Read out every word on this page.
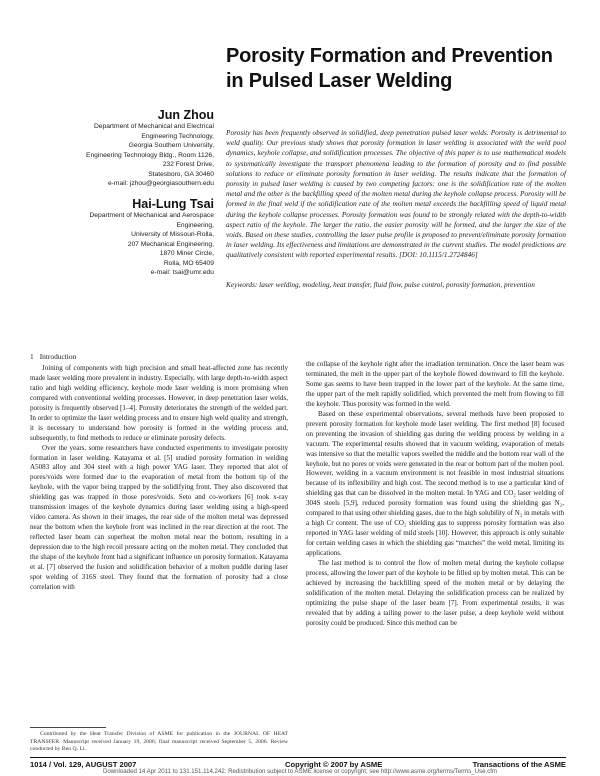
Porosity Formation and Prevention in Pulsed Laser Welding
Jun Zhou
Department of Mechanical and Electrical
Engineering Technology,
Georgia Southern University,
Engineering Technology Bldg., Room 1126,
232 Forest Drive,
Statesboro, GA 30460
e-mail: jzhou@georgiasouthern.edu
Hai-Lung Tsai
Department of Mechanical and Aerospace
Engineering,
University of Missouri-Rolla,
207 Mechanical Engineering,
1870 Miner Circle,
Rolla, MO 65409
e-mail: tsai@umr.edu
Porosity has been frequently observed in solidified, deep penetration pulsed laser welds. Porosity is detrimental to weld quality. Our previous study shows that porosity formation in laser welding is associated with the weld pool dynamics, keyhole collapse, and solidification processes. The objective of this paper is to use mathematical models to systematically investigate the transport phenomena leading to the formation of porosity and to find possible solutions to reduce or eliminate porosity formation in laser welding. The results indicate that the formation of porosity in pulsed laser welding is caused by two competing factors: one is the solidification rate of the molten metal and the other is the backfilling speed of the molten metal during the keyhole collapse process. Porosity will be formed in the final weld if the solidification rate of the molten metal exceeds the backfilling speed of liquid metal during the keyhole collapse processes. Porosity formation was found to be strongly related with the depth-to-width aspect ratio of the keyhole. The larger the ratio, the easier porosity will be formed, and the larger the size of the voids. Based on these studies, controlling the laser pulse profile is proposed to prevent/eliminate porosity formation in laser welding. Its effectiveness and limitations are demonstrated in the current studies. The model predictions are qualitatively consistent with reported experimental results. [DOI: 10.1115/1.2724846]
Keywords: laser welding, modeling, heat transfer, fluid flow, pulse control, porosity formation, prevention

1 Introduction

Joining of components with high precision and small heat-affected zone has recently made laser welding more prevalent in industry. Especially, with large depth-to-width aspect ratio and high welding efficiency, keyhole mode laser welding is more promising when compared with conventional welding processes. However, in deep penetration laser welds, porosity is frequently observed [1–4]. Porosity deteriorates the strength of the welded part. In order to optimize the laser welding process and to ensure high weld quality and strength, it is necessary to understand how porosity is formed in the welding process and, subsequently, to find methods to reduce or eliminate porosity defects.

Over the years, some researchers have conducted experiments to investigate porosity formation in laser welding. Katayama et al. [5] studied porosity formation in welding A5083 alloy and 304 steel with a high power YAG laser. They reported that alot of pores/voids were formed due to the evaporation of metal from the bottom tip of the keyhole, with the vapor being trapped by the solidifying front. They also discovered that shielding gas was trapped in those pores/voids. Seto and co-workers [6] took x-ray transmission images of the keyhole dynamics during laser welding using a high-speed video camera. As shown in their images, the rear side of the molten metal was depressed near the bottom when the keyhole front was inclined in the rear direction at the root. The reflected laser beam can superheat the molten metal near the bottom, resulting in a depression due to the high recoil pressure acting on the molten metal. They concluded that the shape of the keyhole front had a significant influence on porosity formation. Katayama et al. [7] observed the fusion and solidification behavior of a molten puddle during laser spot welding of 316S steel. They found that the formation of porosity had a close correlation with

the collapse of the keyhole right after the irradiation termination. Once the laser beam was terminated, the melt in the upper part of the keyhole flowed downward to fill the keyhole. Some gas seems to have been trapped in the lower part of the keyhole. At the same time, the upper part of the melt rapidly solidified, which prevented the melt from flowing to fill the keyhole. Thus porosity was formed in the weld.

Based on these experimental observations, several methods have been proposed to prevent porosity formation for keyhole mode laser welding. The first method [8] focused on preventing the invasion of shielding gas during the welding process by welding in a vacuum. The experimental results showed that in vacuum welding, evaporation of metals was intensive so that the metallic vapors swelled the middle and the bottom rear wall of the keyhole, but no pores or voids were generated in the rear or bottom part of the molten pool. However, welding in a vacuum environment is not feasible in most industrial situations because of its inflexibility and high cost. The second method is to use a particular kind of shielding gas that can be dissolved in the molten metal. In YAG and CO₂ laser welding of 304S steels [5,9], reduced porosity formation was found using the shielding gas N₂, compared to that using other shielding gases, due to the high solubility of N₂ in metals with a high Cr content. The use of CO₂ shielding gas to suppress porosity formation was also reported in YAG laser welding of mild steels [10]. However, this approach is only suitable for certain welding cases in which the shielding gas “matches” the weld metal, limiting its applications.

The last method is to control the flow of molten metal during the keyhole collapse process, allowing the lower part of the keyhole to be filled up by molten metal. This can be achieved by increasing the backfilling speed of the molten metal or by delaying the solidification of the molten metal. Delaying the solidification process can be realized by optimizing the pulse shape of the laser beam [7]. From experimental results, it was revealed that by adding a tailing power to the laser pulse, a deep keyhole weld without porosity could be produced. Since this method can be

Contributed by the Heat Transfer Division of ASME for publication in the JOURNAL OF HEAT TRANSFER. Manuscript received January 19, 2006; final manuscript received September 5, 2006. Review conducted by Ben Q. Li.
1014 / Vol. 129, AUGUST 2007	Copyright © 2007 by ASME	Transactions of the ASME
Downloaded 14 Apr 2011 to 131.151.114.242. Redistribution subject to ASME license or copyright; see http://www.asme.org/terms/Terms_Use.cfm
